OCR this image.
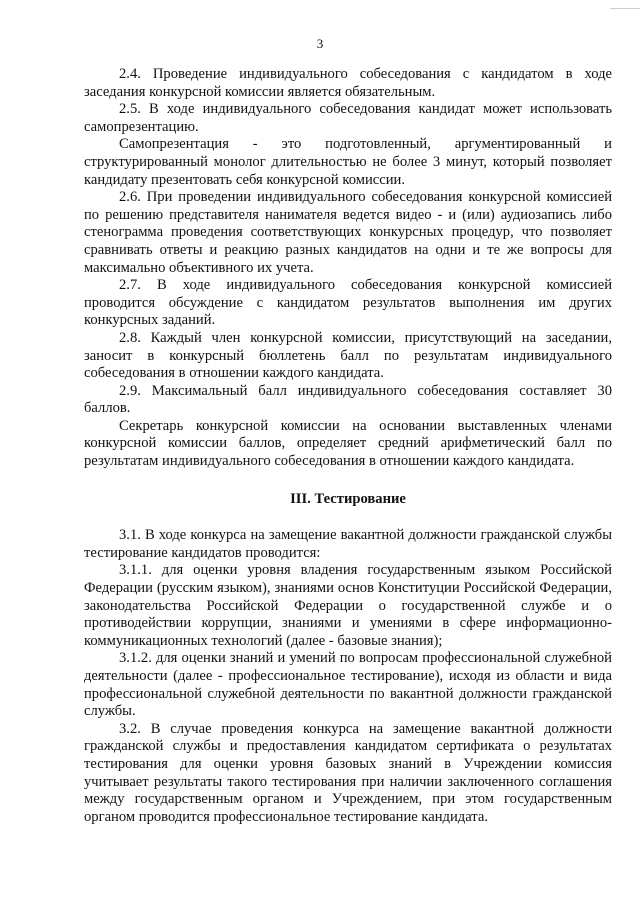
3

2.4. Проведение индивидуального собеседования с кандидатом в ходе заседания конкурсной комиссии является обязательным.

2.5. В ходе индивидуального собеседования кандидат может использовать самопрезентацию.

Самопрезентация - это подготовленный, аргументированный и структурированный монолог длительностью не более 3 минут, который позволяет кандидату презентовать себя конкурсной комиссии.

2.6. При проведении индивидуального собеседования конкурсной комиссией по решению представителя нанимателя ведется видео - и (или) аудиозапись либо стенограмма проведения соответствующих конкурсных процедур, что позволяет сравнивать ответы и реакцию разных кандидатов на одни и те же вопросы для максимально объективного их учета.

2.7. В ходе индивидуального собеседования конкурсной комиссией проводится обсуждение с кандидатом результатов выполнения им других конкурсных заданий.

2.8. Каждый член конкурсной комиссии, присутствующий на заседании, заносит в конкурсный бюллетень балл по результатам индивидуального собеседования в отношении каждого кандидата.

2.9. Максимальный балл индивидуального собеседования составляет 30 баллов.

Секретарь конкурсной комиссии на основании выставленных членами конкурсной комиссии баллов, определяет средний арифметический балл по результатам индивидуального собеседования в отношении каждого кандидата.

III. Тестирование

3.1. В ходе конкурса на замещение вакантной должности гражданской службы тестирование кандидатов проводится:

3.1.1. для оценки уровня владения государственным языком Российской Федерации (русским языком), знаниями основ Конституции Российской Федерации, законодательства Российской Федерации о государственной службе и о противодействии коррупции, знаниями и умениями в сфере информационно-коммуникационных технологий (далее - базовые знания);

3.1.2. для оценки знаний и умений по вопросам профессиональной служебной деятельности (далее - профессиональное тестирование), исходя из области и вида профессиональной служебной деятельности по вакантной должности гражданской службы.

3.2. В случае проведения конкурса на замещение вакантной должности гражданской службы и предоставления кандидатом сертификата о результатах тестирования для оценки уровня базовых знаний в Учреждении комиссия учитывает результаты такого тестирования при наличии заключенного соглашения между государственным органом и Учреждением, при этом государственным органом проводится профессиональное тестирование кандидата.
